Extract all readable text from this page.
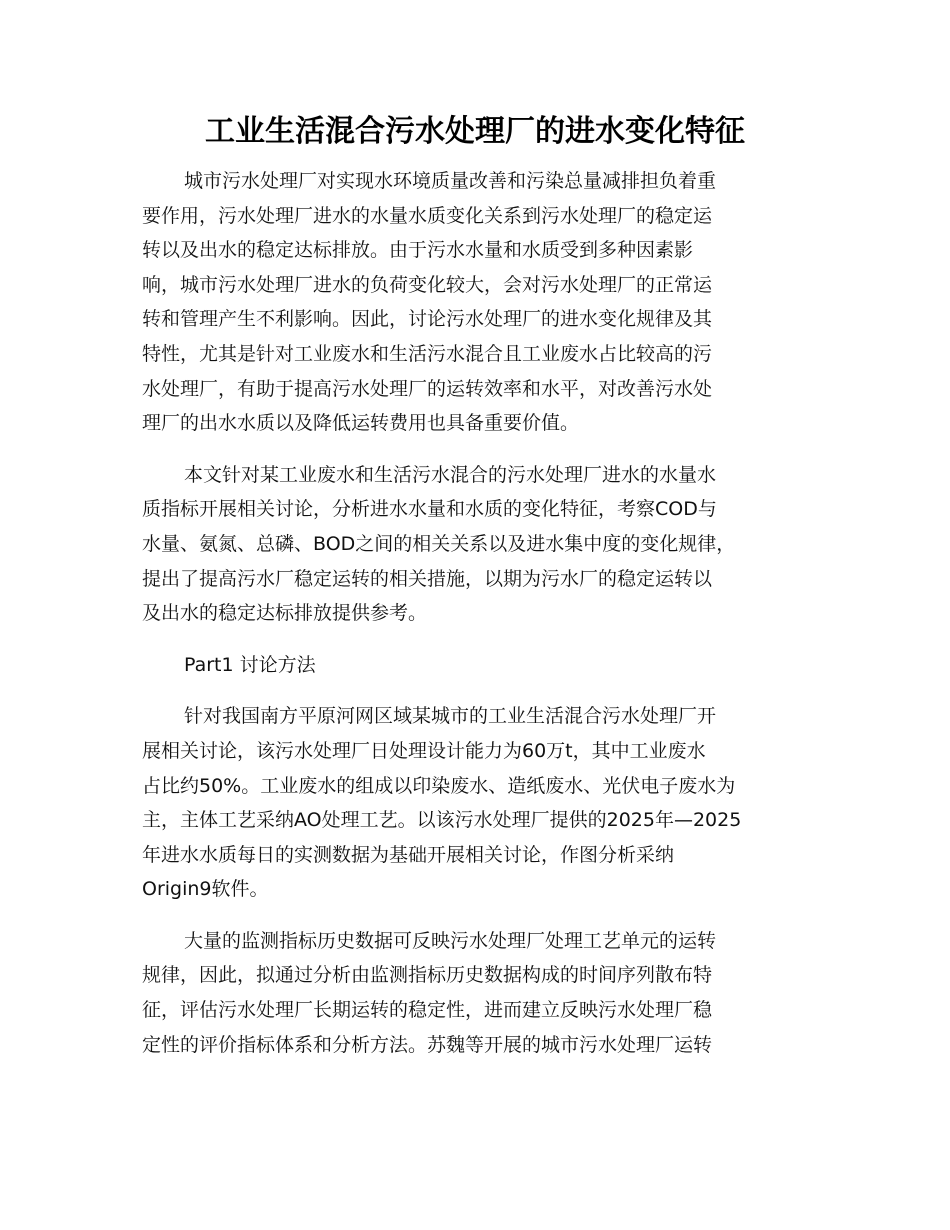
工业生活混合污水处理厂的进水变化特征

城市污水处理厂对实现水环境质量改善和污染总量减排担负着重
要作用，污水处理厂进水的水量水质变化关系到污水处理厂的稳定运
转以及出水的稳定达标排放。由于污水水量和水质受到多种因素影
响，城市污水处理厂进水的负荷变化较大，会对污水处理厂的正常运
转和管理产生不利影响。因此，讨论污水处理厂的进水变化规律及其
特性，尤其是针对工业废水和生活污水混合且工业废水占比较高的污
水处理厂，有助于提高污水处理厂的运转效率和水平，对改善污水处
理厂的出水水质以及降低运转费用也具备重要价值。

本文针对某工业废水和生活污水混合的污水处理厂进水的水量水
质指标开展相关讨论，分析进水水量和水质的变化特征，考察COD与
水量、氨氮、总磷、BOD之间的相关关系以及进水集中度的变化规律，
提出了提高污水厂稳定运转的相关措施，以期为污水厂的稳定运转以
及出水的稳定达标排放提供参考。

Part1 讨论方法

针对我国南方平原河网区域某城市的工业生活混合污水处理厂开
展相关讨论，该污水处理厂日处理设计能力为60万t，其中工业废水
占比约50%。工业废水的组成以印染废水、造纸废水、光伏电子废水为
主，主体工艺采纳AO处理工艺。以该污水处理厂提供的2025年—2025
年进水水质每日的实测数据为基础开展相关讨论，作图分析采纳
Origin9软件。

大量的监测指标历史数据可反映污水处理厂处理工艺单元的运转
规律，因此，拟通过分析由监测指标历史数据构成的时间序列散布特
征，评估污水处理厂长期运转的稳定性，进而建立反映污水处理厂稳
定性的评价指标体系和分析方法。苏魏等开展的城市污水处理厂运转
